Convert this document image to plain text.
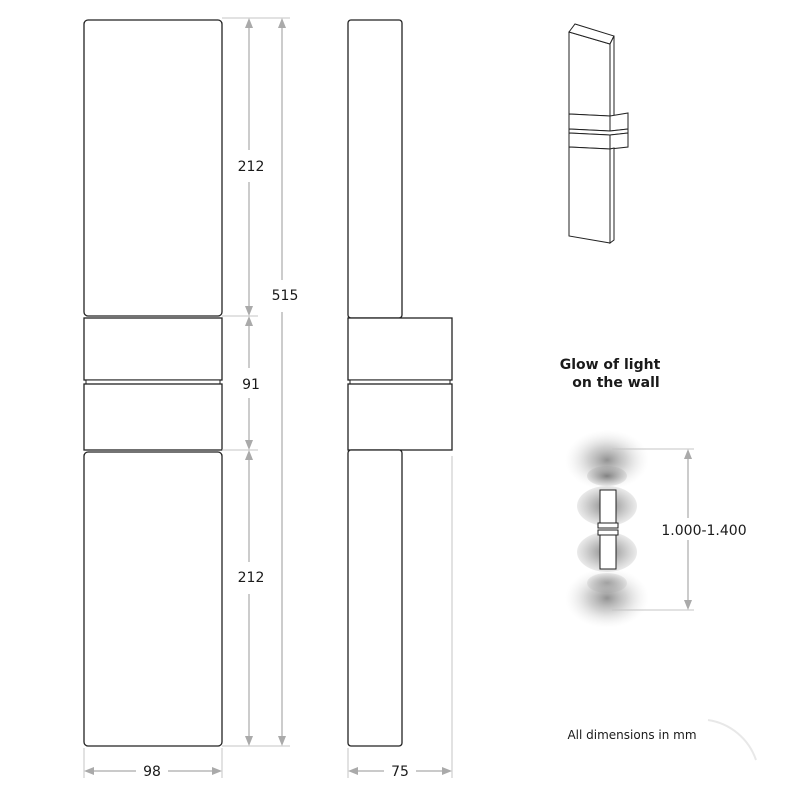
212
91
212
515
98	75
Glow of light
on the wall
1.000-1.400
All dimensions in mm
